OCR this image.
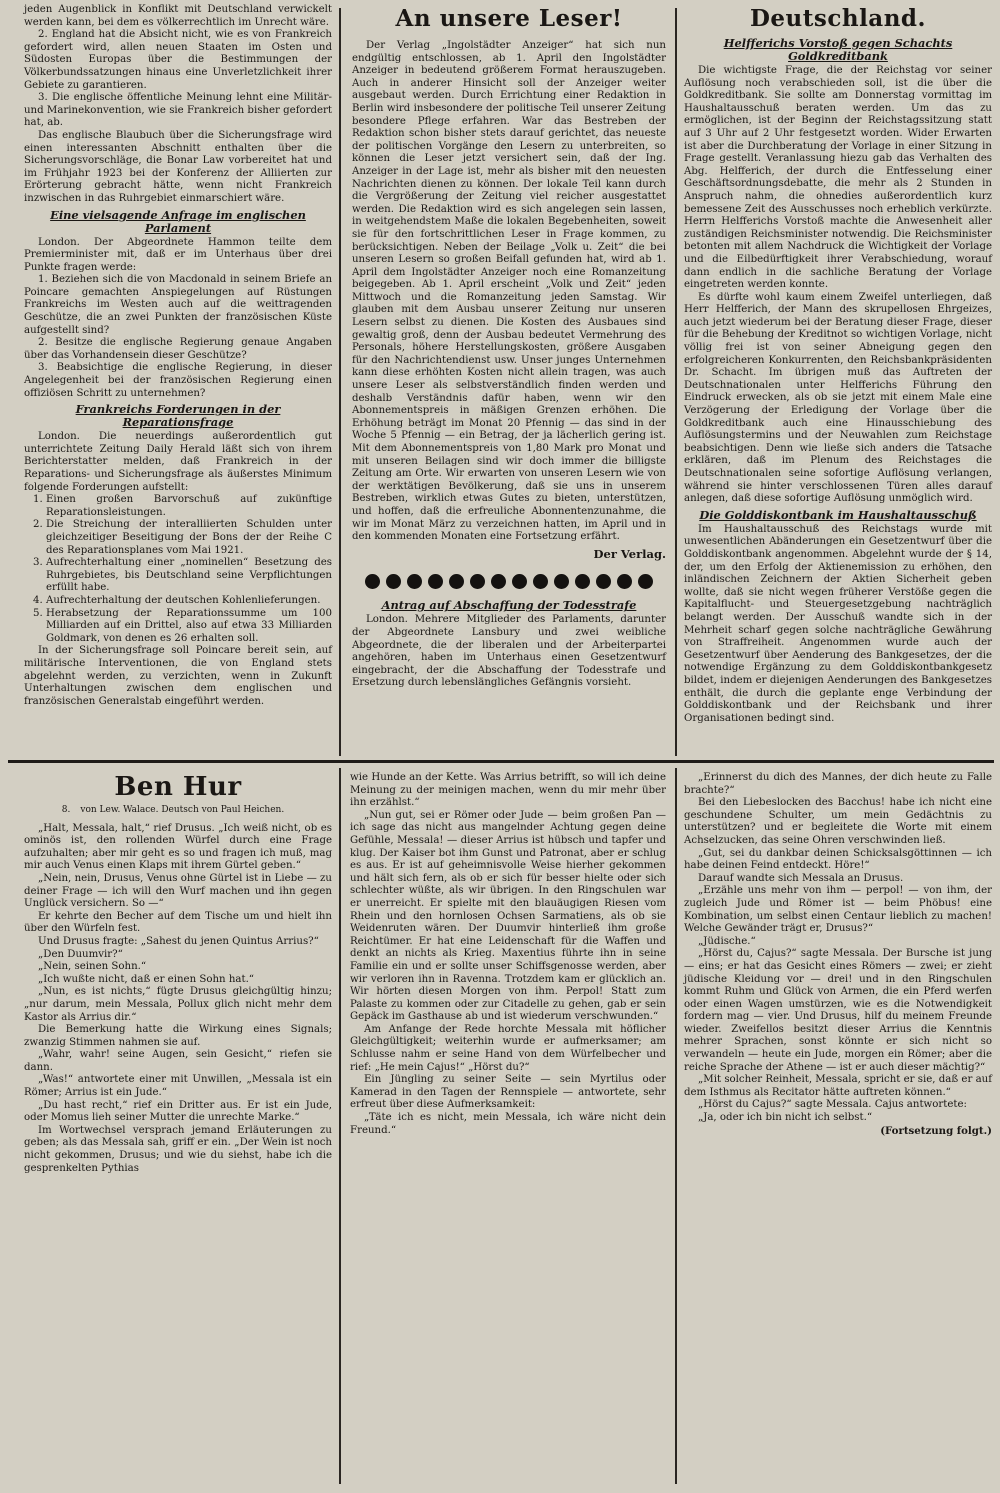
jeden Augenblick in Konflikt mit Deutschland verwickelt werden kann, bei dem es völkerrechtlich im Unrecht wäre.

2. England hat die Absicht nicht, wie es von Frankreich gefordert wird, allen neuen Staaten im Osten und Südosten Europas über die Bestimmungen der Völkerbundssatzungen hinaus eine Unverletzlichkeit ihrer Gebiete zu garantieren.

3. Die englische öffentliche Meinung lehnt eine Militär- und Marinekonvention, wie sie Frankreich bisher gefordert hat, ab.

Das englische Blaubuch über die Sicherungsfrage wird einen interessanten Abschnitt enthalten über die Sicherungsvorschläge, die Bonar Law vorbereitet hat und im Frühjahr 1923 bei der Konferenz der Alliierten zur Erörterung gebracht hätte, wenn nicht Frankreich inzwischen in das Ruhrgebiet einmarschiert wäre.

Eine vielsagende Anfrage im englischen Parlament

London. Der Abgeordnete Hammon teilte dem Premierminister mit, daß er im Unterhaus über drei Punkte fragen werde:

1. Beziehen sich die von Macdonald in seinem Briefe an Poincare gemachten Anspiegelungen auf Rüstungen Frankreichs im Westen auch auf die weittragenden Geschütze, die an zwei Punkten der französischen Küste aufgestellt sind?

2. Besitze die englische Regierung genaue Angaben über das Vorhandensein dieser Geschütze?

3. Beabsichtige die englische Regierung, in dieser Angelegenheit bei der französischen Regierung einen offiziösen Schritt zu unternehmen?

Frankreichs Forderungen in der Reparationsfrage

London. Die neuerdings außerordentlich gut unterrichtete Zeitung Daily Herald läßt sich von ihrem Berichterstatter melden, daß Frankreich in der Reparations- und Sicherungsfrage als äußerstes Minimum folgende Forderungen aufstellt:

1. Einen großen Barvorschuß auf zukünftige Reparationsleistungen.
2. Die Streichung der interalliierten Schulden unter gleichzeitiger Beseitigung der Bons der der Reihe C des Reparationsplanes vom Mai 1921.
3. Aufrechterhaltung einer „nominellen“ Besetzung des Ruhrgebietes, bis Deutschland seine Verpflichtungen erfüllt habe.
4. Aufrechterhaltung der deutschen Kohlenlieferungen.
5. Herabsetzung der Reparationssumme um 100 Milliarden auf ein Drittel, also auf etwa 33 Milliarden Goldmark, von denen es 26 erhalten soll.

In der Sicherungsfrage soll Poincare bereit sein, auf militärische Interventionen, die von England stets abgelehnt werden, zu verzichten, wenn in Zukunft Unterhaltungen zwischen dem englischen und französischen Generalstab eingeführt werden.

An unsere Leser!

Der Verlag „Ingolstädter Anzeiger“ hat sich nun endgültig entschlossen, ab 1. April den Ingolstädter Anzeiger in bedeutend größerem Format herauszugeben. Auch in anderer Hinsicht soll der Anzeiger weiter ausgebaut werden. Durch Errichtung einer Redaktion in Berlin wird insbesondere der politische Teil unserer Zeitung besondere Pflege erfahren. War das Bestreben der Redaktion schon bisher stets darauf gerichtet, das neueste der politischen Vorgänge den Lesern zu unterbreiten, so können die Leser jetzt versichert sein, daß der Ing. Anzeiger in der Lage ist, mehr als bisher mit den neuesten Nachrichten dienen zu können. Der lokale Teil kann durch die Vergrößerung der Zeitung viel reicher ausgestattet werden. Die Redaktion wird es sich angelegen sein lassen, in weitgehendstem Maße die lokalen Begebenheiten, soweit sie für den fortschrittlichen Leser in Frage kommen, zu berücksichtigen. Neben der Beilage „Volk u. Zeit“ die bei unseren Lesern so großen Beifall gefunden hat, wird ab 1. April dem Ingolstädter Anzeiger noch eine Romanzeitung beigegeben. Ab 1. April erscheint „Volk und Zeit“ jeden Mittwoch und die Romanzeitung jeden Samstag. Wir glauben mit dem Ausbau unserer Zeitung nur unseren Lesern selbst zu dienen. Die Kosten des Ausbaues sind gewaltig groß, denn der Ausbau bedeutet Vermehrung des Personals, höhere Herstellungskosten, größere Ausgaben für den Nachrichtendienst usw. Unser junges Unternehmen kann diese erhöhten Kosten nicht allein tragen, was auch unsere Leser als selbstverständlich finden werden und deshalb Verständnis dafür haben, wenn wir den Abonnementspreis in mäßigen Grenzen erhöhen. Die Erhöhung beträgt im Monat 20 Pfennig — das sind in der Woche 5 Pfennig — ein Betrag, der ja lächerlich gering ist. Mit dem Abonnementspreis von 1,80 Mark pro Monat und mit unseren Beilagen sind wir doch immer die billigste Zeitung am Orte. Wir erwarten von unseren Lesern wie von der werktätigen Bevölkerung, daß sie uns in unserem Bestreben, wirklich etwas Gutes zu bieten, unterstützen, und hoffen, daß die erfreuliche Abonnentenzunahme, die wir im Monat März zu verzeichnen hatten, im April und in den kommenden Monaten eine Fortsetzung erfährt.

Der Verlag.
Antrag auf Abschaffung der Todesstrafe

London. Mehrere Mitglieder des Parlaments, darunter der Abgeordnete Lansbury und zwei weibliche Abgeordnete, die der liberalen und der Arbeiterpartei angehören, haben im Unterhaus einen Gesetzentwurf eingebracht, der die Abschaffung der Todesstrafe und Ersetzung durch lebenslängliches Gefängnis vorsieht.

Deutschland.
Helfferichs Vorstoß gegen Schachts Goldkreditbank

Die wichtigste Frage, die der Reichstag vor seiner Auflösung noch verabschieden soll, ist die über die Goldkreditbank. Sie sollte am Donnerstag vormittag im Haushaltausschuß beraten werden. Um das zu ermöglichen, ist der Beginn der Reichstagssitzung statt auf 3 Uhr auf 2 Uhr festgesetzt worden. Wider Erwarten ist aber die Durchberatung der Vorlage in einer Sitzung in Frage gestellt. Veranlassung hiezu gab das Verhalten des Abg. Helfferich, der durch die Entfesselung einer Geschäftsordnungsdebatte, die mehr als 2 Stunden in Anspruch nahm, die ohnedies außerordentlich kurz bemessene Zeit des Ausschusses noch erheblich verkürzte. Herrn Helfferichs Vorstoß machte die Anwesenheit aller zuständigen Reichsminister notwendig. Die Reichsminister betonten mit allem Nachdruck die Wichtigkeit der Vorlage und die Eilbedürftigkeit ihrer Verabschiedung, worauf dann endlich in die sachliche Beratung der Vorlage eingetreten werden konnte.

Es dürfte wohl kaum einem Zweifel unterliegen, daß Herr Helfferich, der Mann des skrupellosen Ehrgeizes, auch jetzt wiederum bei der Beratung dieser Frage, dieser für die Behebung der Kreditnot so wichtigen Vorlage, nicht völlig frei ist von seiner Abneigung gegen den erfolgreicheren Konkurrenten, den Reichsbankpräsidenten Dr. Schacht. Im übrigen muß das Auftreten der Deutschnationalen unter Helfferichs Führung den Eindruck erwecken, als ob sie jetzt mit einem Male eine Verzögerung der Erledigung der Vorlage über die Goldkreditbank auch eine Hinausschiebung des Auflösungstermins und der Neuwahlen zum Reichstage beabsichtigen. Denn wie ließe sich anders die Tatsache erklären, daß im Plenum des Reichstages die Deutschnationalen seine sofortige Auflösung verlangen, während sie hinter verschlossenen Türen alles darauf anlegen, daß diese sofortige Auflösung unmöglich wird.

Die Golddiskontbank im Haushaltausschuß

Im Haushaltausschuß des Reichstags wurde mit unwesentlichen Abänderungen ein Gesetzentwurf über die Golddiskontbank angenommen. Abgelehnt wurde der § 14, der, um den Erfolg der Aktienemission zu erhöhen, den inländischen Zeichnern der Aktien Sicherheit geben wollte, daß sie nicht wegen früherer Verstöße gegen die Kapitalflucht- und Steuergesetzgebung nachträglich belangt werden. Der Ausschuß wandte sich in der Mehrheit scharf gegen solche nachträgliche Gewährung von Straffreiheit. Angenommen wurde auch der Gesetzentwurf über Aenderung des Bankgesetzes, der die notwendige Ergänzung zu dem Golddiskontbankgesetz bildet, indem er diejenigen Aenderungen des Bankgesetzes enthält, die durch die geplante enge Verbindung der Golddiskontbank und der Reichsbank und ihrer Organisationen bedingt sind.

Ben Hur
8. von Lew. Walace. Deutsch von Paul Heichen.

„Halt, Messala, halt,“ rief Drusus. „Ich weiß nicht, ob es ominös ist, den rollenden Würfel durch eine Frage aufzuhalten; aber mir geht es so und fragen ich muß, mag mir auch Venus einen Klaps mit ihrem Gürtel geben.“

„Nein, nein, Drusus, Venus ohne Gürtel ist in Liebe — zu deiner Frage — ich will den Wurf machen und ihn gegen Unglück versichern. So —“

Er kehrte den Becher auf dem Tische um und hielt ihn über den Würfeln fest.

Und Drusus fragte: „Sahest du jenen Quintus Arrius?“

„Den Duumvir?“

„Nein, seinen Sohn.“

„Ich wußte nicht, daß er einen Sohn hat.“

„Nun, es ist nichts,“ fügte Drusus gleichgültig hinzu; „nur darum, mein Messala, Pollux glich nicht mehr dem Kastor als Arrius dir.“

Die Bemerkung hatte die Wirkung eines Signals; zwanzig Stimmen nahmen sie auf.

„Wahr, wahr! seine Augen, sein Gesicht,“ riefen sie dann.

„Was!“ antwortete einer mit Unwillen, „Messala ist ein Römer; Arrius ist ein Jude.“

„Du hast recht,“ rief ein Dritter aus. Er ist ein Jude, oder Momus lieh seiner Mutter die unrechte Marke.“

Im Wortwechsel versprach jemand Erläuterungen zu geben; als das Messala sah, griff er ein. „Der Wein ist noch nicht gekommen, Drusus; und wie du siehst, habe ich die gesprenkelten Pythias

wie Hunde an der Kette. Was Arrius betrifft, so will ich deine Meinung zu der meinigen machen, wenn du mir mehr über ihn erzählst.“

„Nun gut, sei er Römer oder Jude — beim großen Pan — ich sage das nicht aus mangelnder Achtung gegen deine Gefühle, Messala! — dieser Arrius ist hübsch und tapfer und klug. Der Kaiser bot ihm Gunst und Patronat, aber er schlug es aus. Er ist auf geheimnisvolle Weise hierher gekommen und hält sich fern, als ob er sich für besser hielte oder sich schlechter wüßte, als wir übrigen. In den Ringschulen war er unerreicht. Er spielte mit den blauäugigen Riesen vom Rhein und den hornlosen Ochsen Sarmatiens, als ob sie Weidenruten wären. Der Duumvir hinterließ ihm große Reichtümer. Er hat eine Leidenschaft für die Waffen und denkt an nichts als Krieg. Maxentius führte ihn in seine Familie ein und er sollte unser Schiffsgenosse werden, aber wir verloren ihn in Ravenna. Trotzdem kam er glücklich an. Wir hörten diesen Morgen von ihm. Perpol! Statt zum Palaste zu kommen oder zur Citadelle zu gehen, gab er sein Gepäck im Gasthause ab und ist wiederum verschwunden.“

Am Anfange der Rede horchte Messala mit höflicher Gleichgültigkeit; weiterhin wurde er aufmerksamer; am Schlusse nahm er seine Hand von dem Würfelbecher und rief: „He mein Cajus!“ „Hörst du?“

Ein Jüngling zu seiner Seite — sein Myrtilus oder Kamerad in den Tagen der Rennspiele — antwortete, sehr erfreut über diese Aufmerksamkeit:

„Täte ich es nicht, mein Messala, ich wäre nicht dein Freund.“

„Erinnerst du dich des Mannes, der dich heute zu Falle brachte?“

Bei den Liebeslocken des Bacchus! habe ich nicht eine geschundene Schulter, um mein Gedächtnis zu unterstützen? und er begleitete die Worte mit einem Achselzucken, das seine Ohren verschwinden ließ.

„Gut, sei du dankbar deinen Schicksalsgöttinnen — ich habe deinen Feind entdeckt. Höre!“

Darauf wandte sich Messala an Drusus.

„Erzähle uns mehr von ihm — perpol! — von ihm, der zugleich Jude und Römer ist — beim Phöbus! eine Kombination, um selbst einen Centaur lieblich zu machen! Welche Gewänder trägt er, Drusus?“

„Jüdische.“

„Hörst du, Cajus?“ sagte Messala. Der Bursche ist jung — eins; er hat das Gesicht eines Römers — zwei; er zieht jüdische Kleidung vor — drei! und in den Ringschulen kommt Ruhm und Glück von Armen, die ein Pferd werfen oder einen Wagen umstürzen, wie es die Notwendigkeit fordern mag — vier. Und Drusus, hilf du meinem Freunde wieder. Zweifellos besitzt dieser Arrius die Kenntnis mehrer Sprachen, sonst könnte er sich nicht so verwandeln — heute ein Jude, morgen ein Römer; aber die reiche Sprache der Athene — ist er auch dieser mächtig?“

„Mit solcher Reinheit, Messala, spricht er sie, daß er auf dem Isthmus als Recitator hätte auftreten können.“

„Hörst du Cajus?“ sagte Messala. Cajus antwortete:

„Ja, oder ich bin nicht ich selbst.“

(Fortsetzung folgt.)
